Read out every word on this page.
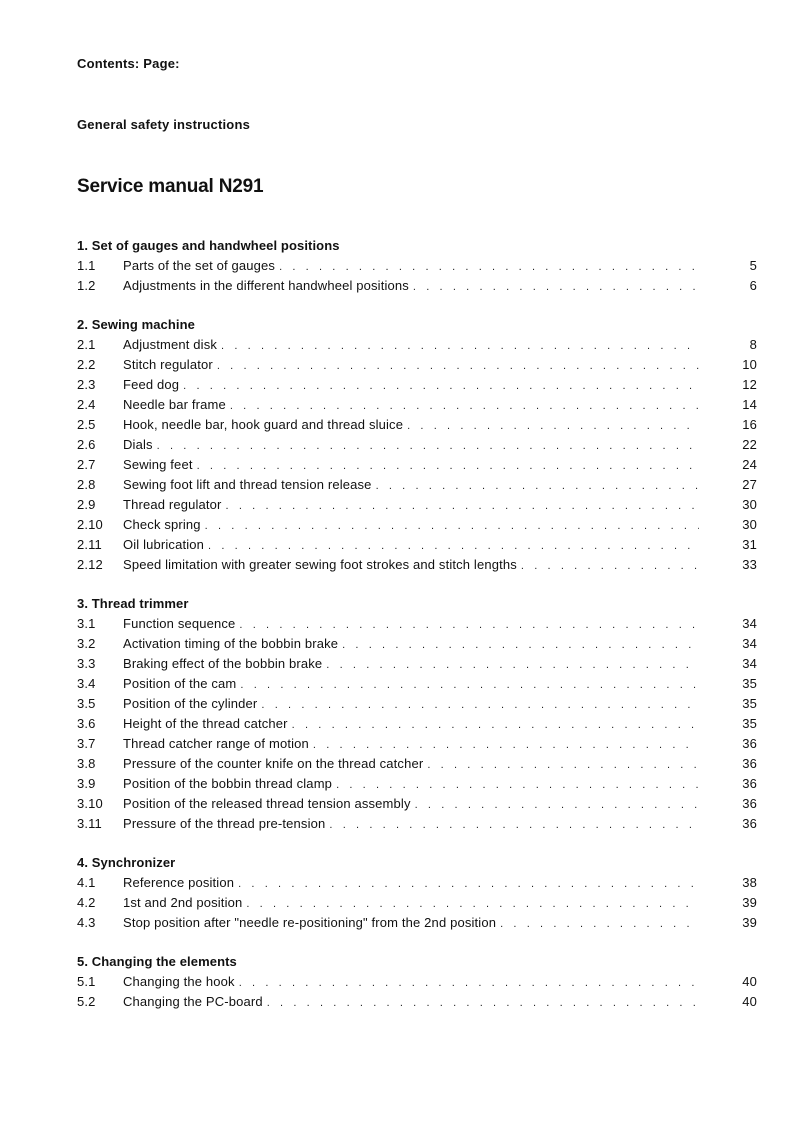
Contents: Page:
General safety instructions
Service manual N291
1. Set of gauges and handwheel positions
1.1	Parts of the set of gauges . . .	5
1.2	Adjustments in the different handwheel positions . . .	6
2. Sewing machine
2.1	Adjustment disk . . .	8
2.2	Stitch regulator . . .	10
2.3	Feed dog . . .	12
2.4	Needle bar frame . . .	14
2.5	Hook, needle bar, hook guard and thread sluice . . .	16
2.6	Dials . . .	22
2.7	Sewing feet . . .	24
2.8	Sewing foot lift and thread tension release . . .	27
2.9	Thread regulator . . .	30
2.10	Check spring . . .	30
2.11	Oil lubrication . . .	31
2.12	Speed limitation with greater sewing foot strokes and stitch lengths . . .	33
3. Thread trimmer
3.1	Function sequence . . .	34
3.2	Activation timing of the bobbin brake . . .	34
3.3	Braking effect of the bobbin brake . . .	34
3.4	Position of the cam . . .	35
3.5	Position of the cylinder . . .	35
3.6	Height of the thread catcher . . .	35
3.7	Thread catcher range of motion . . .	36
3.8	Pressure of the counter knife on the thread catcher . . .	36
3.9	Position of the bobbin thread clamp . . .	36
3.10	Position of the released thread tension assembly . . .	36
3.11	Pressure of the thread pre-tension . . .	36
4. Synchronizer
4.1	Reference position . . .	38
4.2	1st and 2nd position . . .	39
4.3	Stop position after "needle re-positioning" from the 2nd position . . .	39
5. Changing the elements
5.1	Changing the hook . . .	40
5.2	Changing the PC-board . . .	40
